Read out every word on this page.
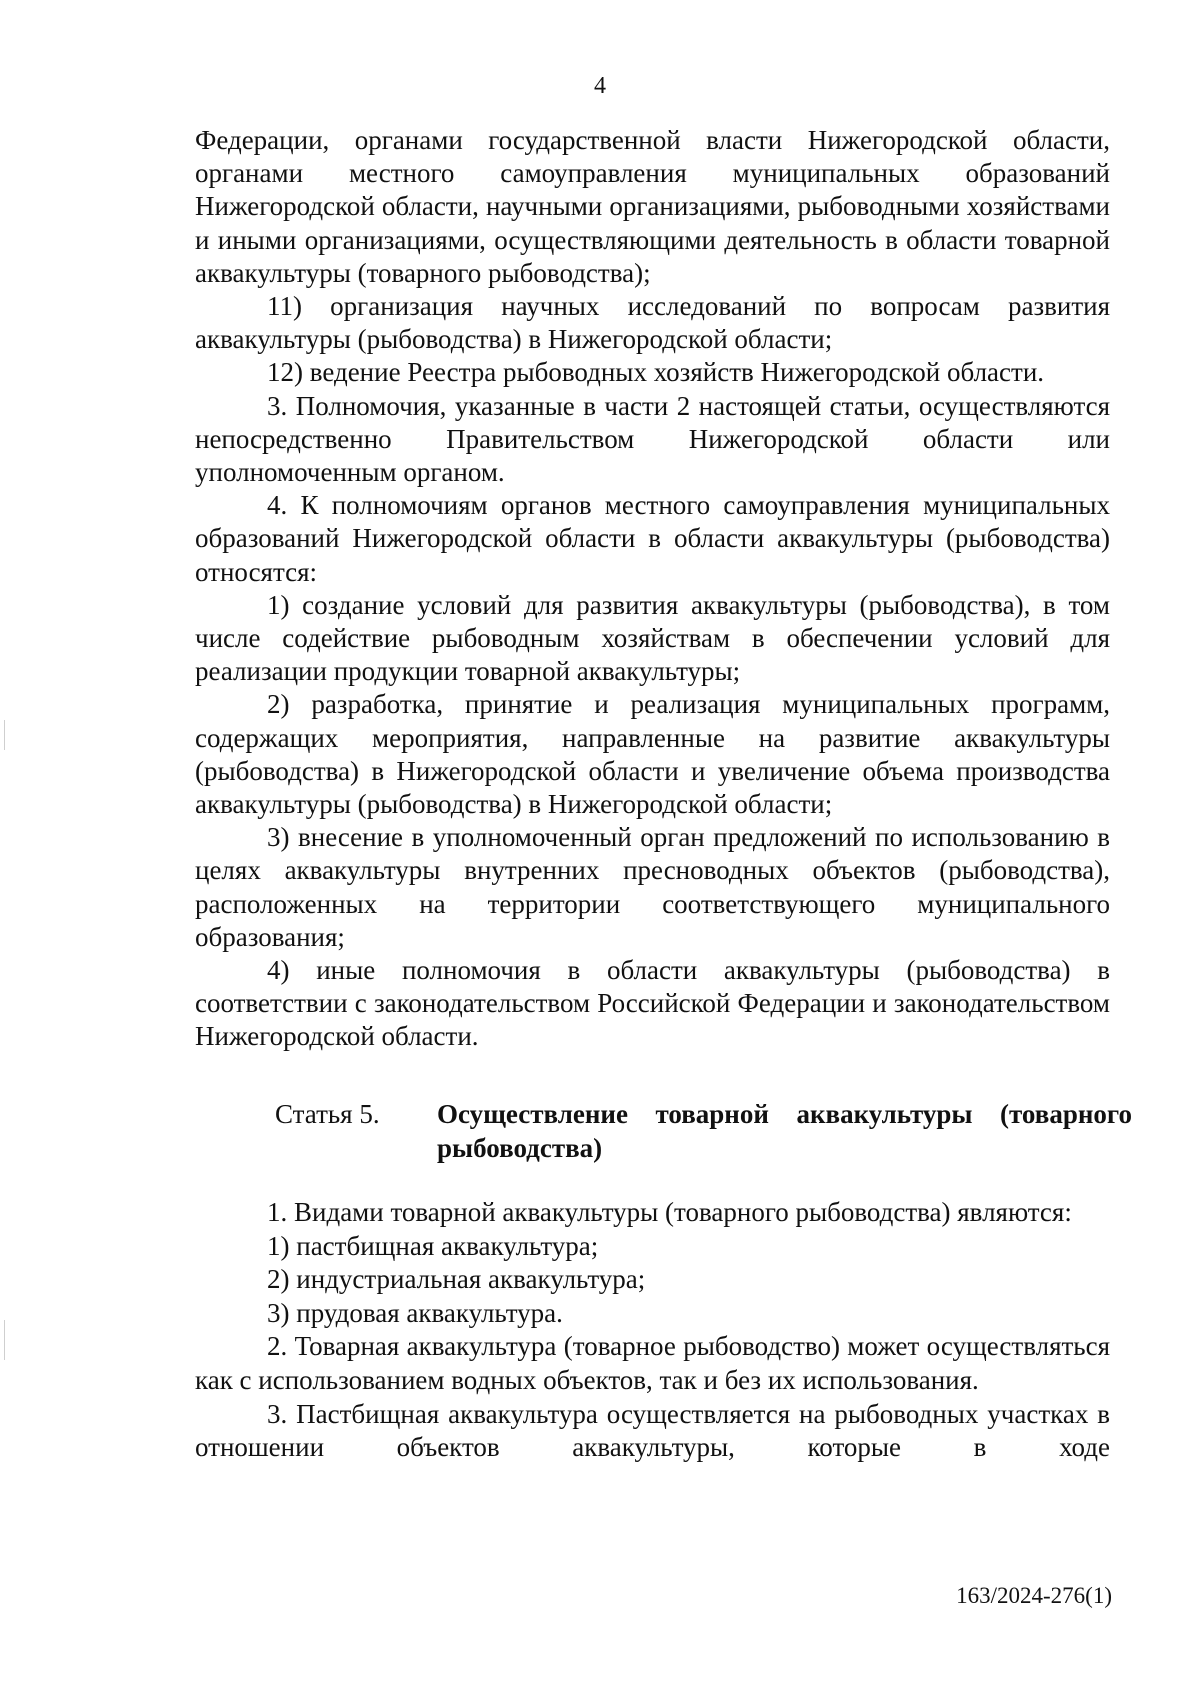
4

Федерации, органами государственной власти Нижегородской области, органами местного самоуправления муниципальных образований Нижегородской области, научными организациями, рыбоводными хозяйствами и иными организациями, осуществляющими деятельность в области товарной аквакультуры (товарного рыбоводства);

11) организация научных исследований по вопросам развития аквакультуры (рыбоводства) в Нижегородской области;

12) ведение Реестра рыбоводных хозяйств Нижегородской области.

3. Полномочия, указанные в части 2 настоящей статьи, осуществляются непосредственно Правительством Нижегородской области или уполномоченным органом.

4. К полномочиям органов местного самоуправления муниципальных образований Нижегородской области в области аквакультуры (рыбоводства) относятся:

1) создание условий для развития аквакультуры (рыбоводства), в том числе содействие рыбоводным хозяйствам в обеспечении условий для реализации продукции товарной аквакультуры;

2) разработка, принятие и реализация муниципальных программ, содержащих мероприятия, направленные на развитие аквакультуры (рыбоводства) в Нижегородской области и увеличение объема производства аквакультуры (рыбоводства) в Нижегородской области;

3) внесение в уполномоченный орган предложений по использованию в целях аквакультуры внутренних пресноводных объектов (рыбоводства), расположенных на территории соответствующего муниципального образования;

4) иные полномочия в области аквакультуры (рыбоводства) в соответствии с законодательством Российской Федерации и законодательством Нижегородской области.

Статья 5. Осуществление товарной аквакультуры (товарного рыбоводства)

1. Видами товарной аквакультуры (товарного рыбоводства) являются:

1) пастбищная аквакультура;

2) индустриальная аквакультура;

3) прудовая аквакультура.

2. Товарная аквакультура (товарное рыбоводство) может осуществляться как с использованием водных объектов, так и без их использования.

3. Пастбищная аквакультура осуществляется на рыбоводных участках в отношении объектов аквакультуры, которые в ходе

163/2024-276(1)
